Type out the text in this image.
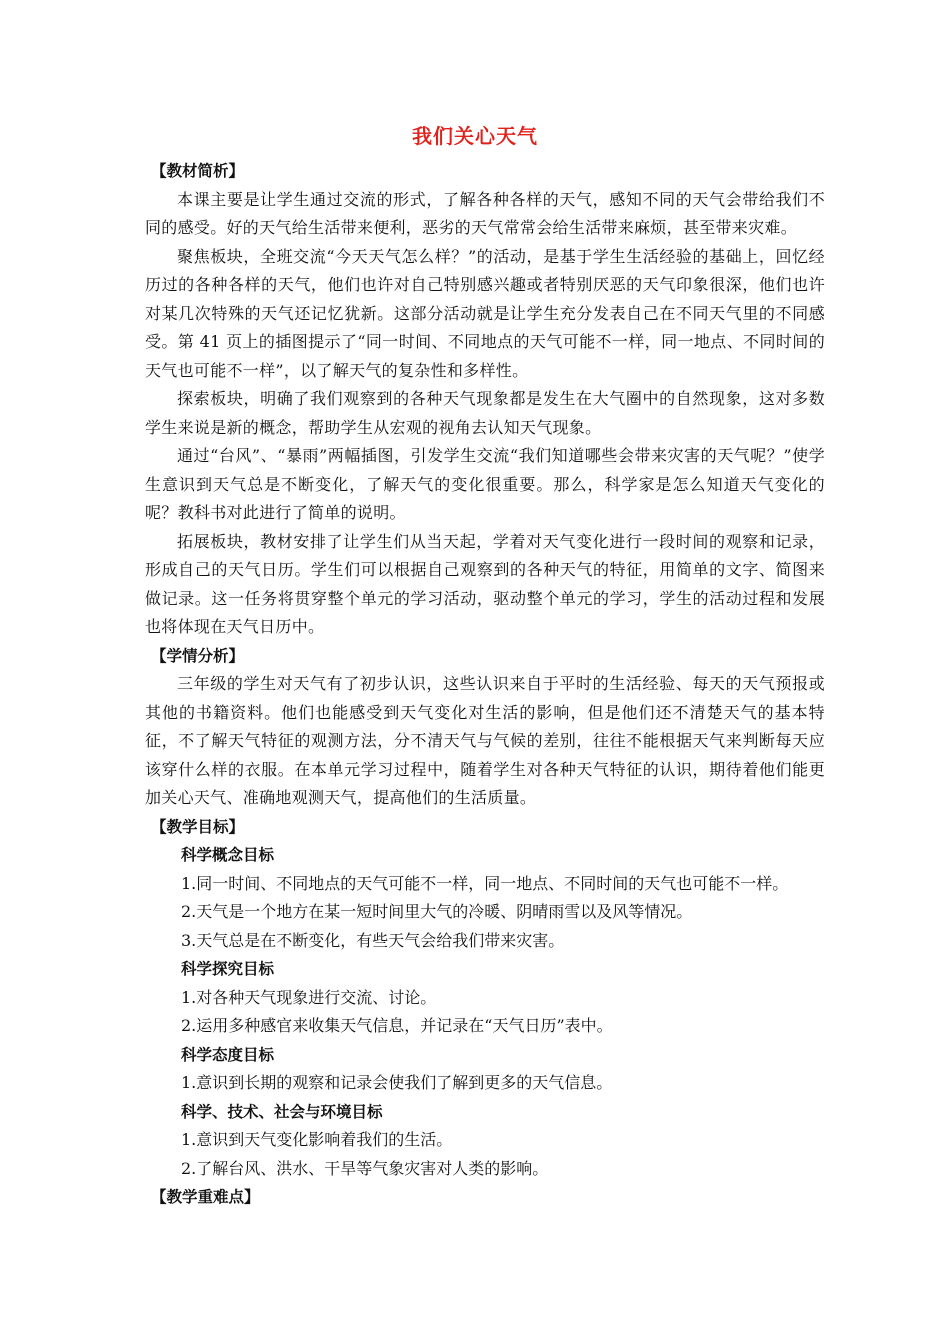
我们关心天气
【教材简析】
本课主要是让学生通过交流的形式，了解各种各样的天气，感知不同的天气会带给我们不同的感受。好的天气给生活带来便利，恶劣的天气常常会给生活带来麻烦，甚至带来灾难。
聚焦板块，全班交流“今天天气怎么样？”的活动，是基于学生生活经验的基础上，回忆经历过的各种各样的天气，他们也许对自己特别感兴趣或者特别厌恶的天气印象很深，他们也许对某几次特殊的天气还记忆犹新。这部分活动就是让学生充分发表自己在不同天气里的不同感受。第 41 页上的插图提示了“同一时间、不同地点的天气可能不一样，同一地点、不同时间的天气也可能不一样”，以了解天气的复杂性和多样性。
探索板块，明确了我们观察到的各种天气现象都是发生在大气圈中的自然现象，这对多数学生来说是新的概念，帮助学生从宏观的视角去认知天气现象。
通过“台风”、“暴雨”两幅插图，引发学生交流“我们知道哪些会带来灾害的天气呢？”使学生意识到天气总是不断变化，了解天气的变化很重要。那么，科学家是怎么知道天气变化的呢？教科书对此进行了简单的说明。
拓展板块，教材安排了让学生们从当天起，学着对天气变化进行一段时间的观察和记录，形成自己的天气日历。学生们可以根据自己观察到的各种天气的特征，用简单的文字、简图来做记录。这一任务将贯穿整个单元的学习活动，驱动整个单元的学习，学生的活动过程和发展也将体现在天气日历中。
【学情分析】
三年级的学生对天气有了初步认识，这些认识来自于平时的生活经验、每天的天气预报或其他的书籍资料。他们也能感受到天气变化对生活的影响，但是他们还不清楚天气的基本特征，不了解天气特征的观测方法，分不清天气与气候的差别，往往不能根据天气来判断每天应该穿什么样的衣服。在本单元学习过程中，随着学生对各种天气特征的认识，期待着他们能更加关心天气、准确地观测天气，提高他们的生活质量。
【教学目标】
科学概念目标
1.同一时间、不同地点的天气可能不一样，同一地点、不同时间的天气也可能不一样。
2.天气是一个地方在某一短时间里大气的冷暖、阴晴雨雪以及风等情况。
3.天气总是在不断变化，有些天气会给我们带来灾害。
科学探究目标
1.对各种天气现象进行交流、讨论。
2.运用多种感官来收集天气信息，并记录在“天气日历”表中。
科学态度目标
1.意识到长期的观察和记录会使我们了解到更多的天气信息。
科学、技术、社会与环境目标
1.意识到天气变化影响着我们的生活。
2.了解台风、洪水、干旱等气象灾害对人类的影响。
【教学重难点】
